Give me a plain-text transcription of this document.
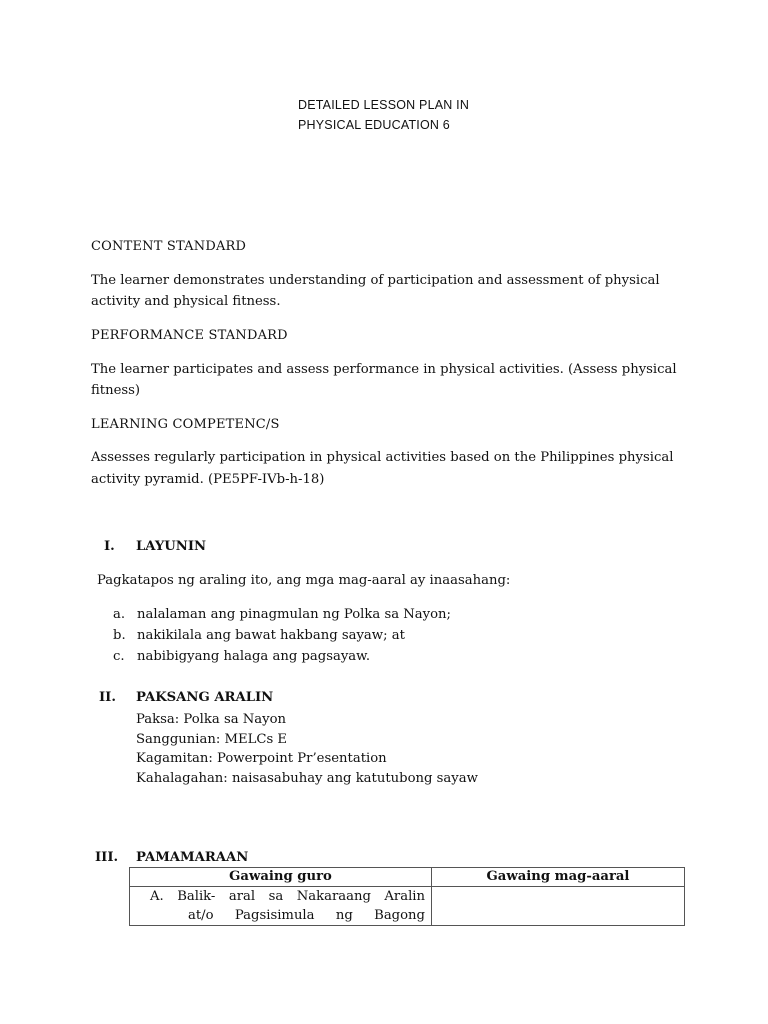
DETAILED LESSON PLAN IN
PHYSICAL EDUCATION 6
CONTENT STANDARD
The learner demonstrates understanding of participation and assessment of physical
activity and physical fitness.
PERFORMANCE STANDARD
The learner participates and assess performance in physical activities. (Assess physical
fitness)
LEARNING COMPETENC/S
Assesses regularly participation in physical activities based on the Philippines physical
activity pyramid. (PE5PF-IVb-h-18)
I. LAYUNIN
Pagkatapos ng araling ito, ang mga mag-aaral ay inaasahang:
a. nalalaman ang pinagmulan ng Polka sa Nayon;
b. nakikilala ang bawat hakbang sayaw; at
c. nabibigyang halaga ang pagsayaw.
II. PAKSANG ARALIN
Paksa: Polka sa Nayon
Sanggunian: MELCs E
Kagamitan: Powerpoint Pr’esentation
Kahalagahan: naisasabuhay ang katutubong sayaw
III. PAMAMARAAN
Gawaing guro	Gawaing mag-aaral

A. Balik- aral sa Nakaraang Aralin
at/o Pagsisimula ng Bagong	
